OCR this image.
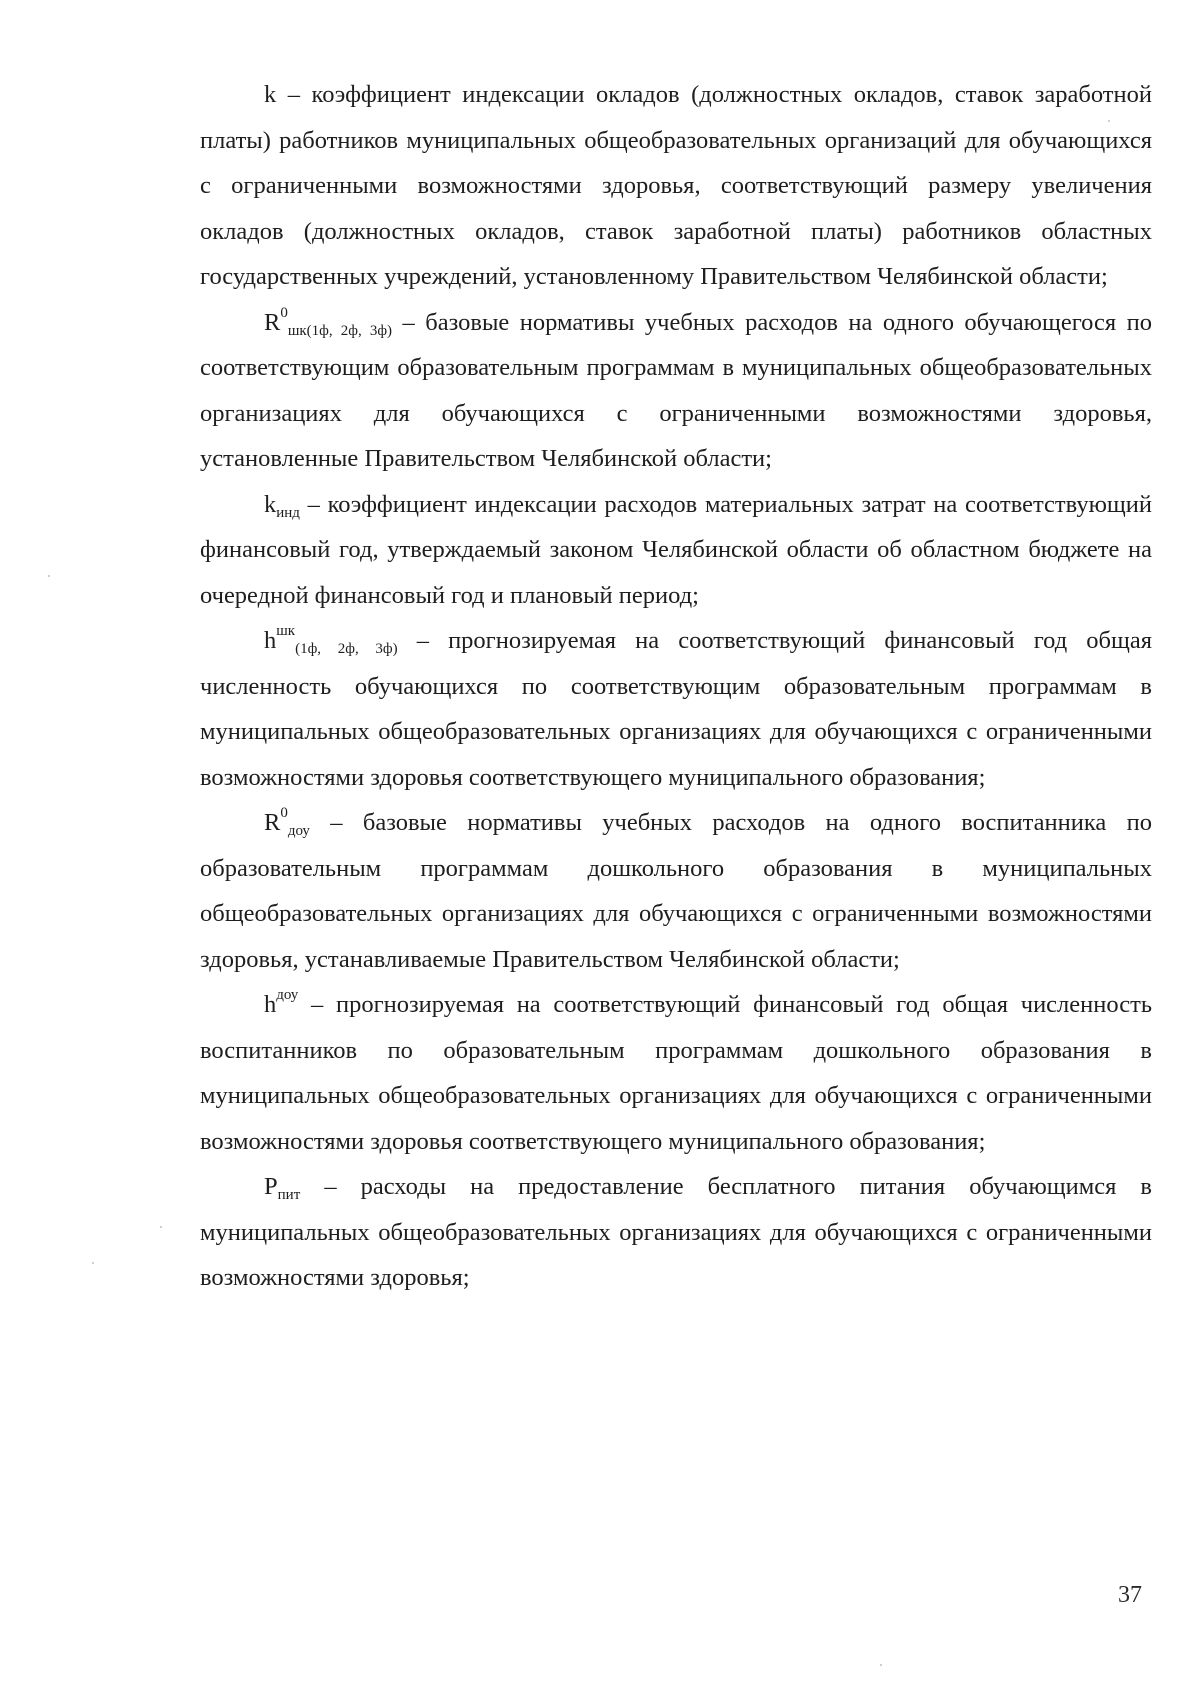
k – коэффициент индексации окладов (должностных окладов, ставок заработной платы) работников муниципальных общеобразовательных организаций для обучающихся с ограниченными возможностями здоровья, соответствующий размеру увеличения окладов (должностных окладов, ставок заработной платы) работников областных государственных учреждений, установленному Правительством Челябинской области;

$R^0_{шк(1ф, 2ф, 3ф)}$ – базовые нормативы учебных расходов на одного обучающегося по соответствующим образовательным программам в муниципальных общеобразовательных организациях для обучающихся с ограниченными возможностями здоровья, установленные Правительством Челябинской области;

$k_{инд}$ – коэффициент индексации расходов материальных затрат на соответствующий финансовый год, утверждаемый законом Челябинской области об областном бюджете на очередной финансовый год и плановый период;

$h^{шк}_{(1ф, 2ф, 3ф)}$ – прогнозируемая на соответствующий финансовый год общая численность обучающихся по соответствующим образовательным программам в муниципальных общеобразовательных организациях для обучающихся с ограниченными возможностями здоровья соответствующего муниципального образования;

$R^0_{доу}$ – базовые нормативы учебных расходов на одного воспитанника по образовательным программам дошкольного образования в муниципальных общеобразовательных организациях для обучающихся с ограниченными возможностями здоровья, устанавливаемые Правительством Челябинской области;

$h^{доу}$ – прогнозируемая на соответствующий финансовый год общая численность воспитанников по образовательным программам дошкольного образования в муниципальных общеобразовательных организациях для обучающихся с ограниченными возможностями здоровья соответствующего муниципального образования;

$P_{пит}$ – расходы на предоставление бесплатного питания обучающимся в муниципальных общеобразовательных организациях для обучающихся с ограниченными возможностями здоровья;

37
